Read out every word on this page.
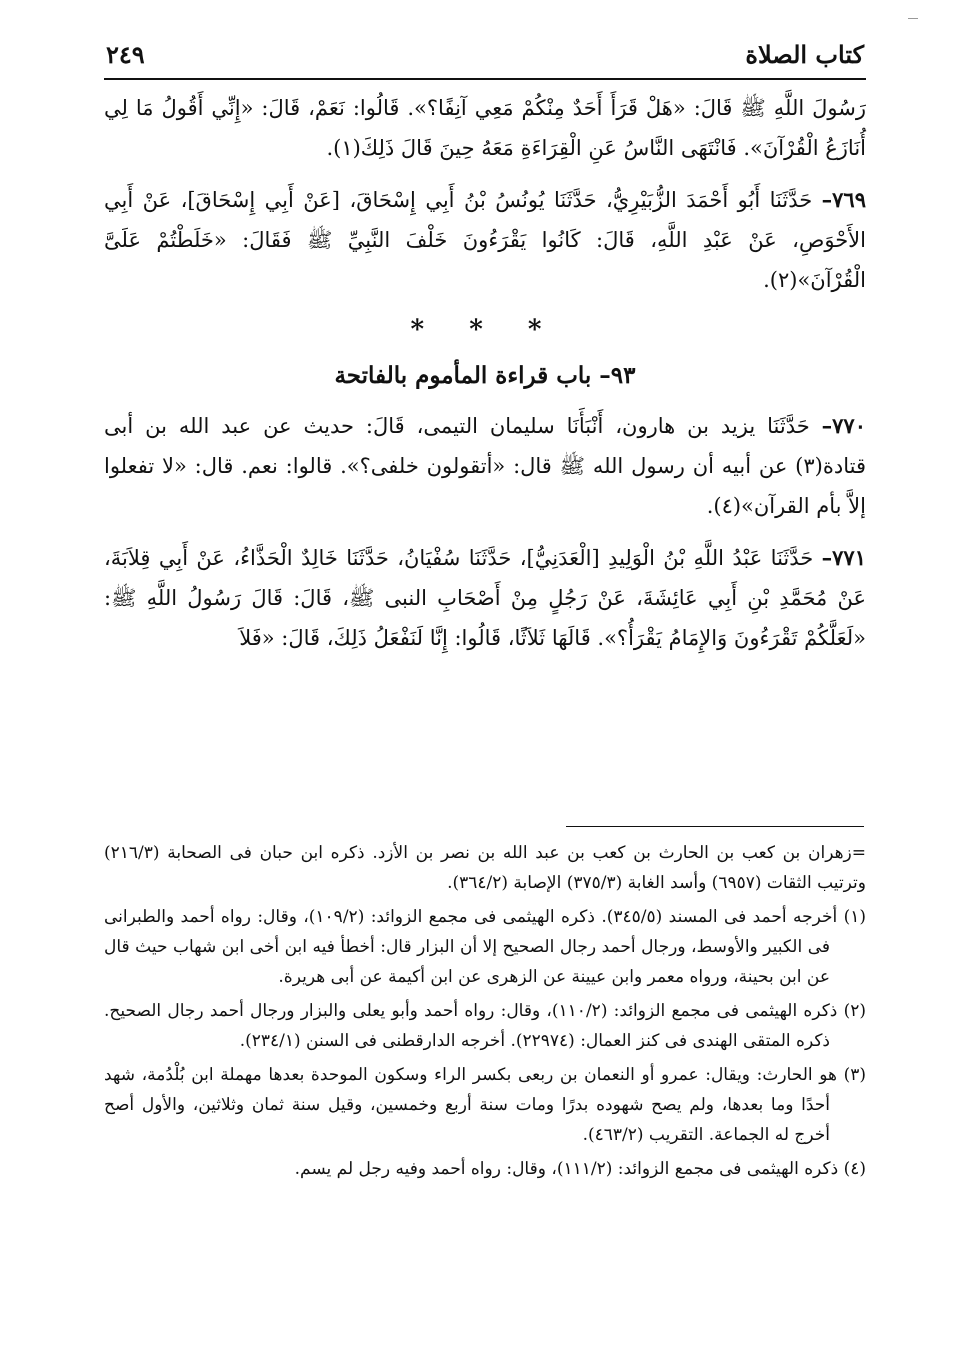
كتاب الصلاة
٢٤٩

رَسُولَ اللَّهِ ﷺ قَالَ: «هَلْ قَرَأَ أَحَدٌ مِنْكُمْ مَعِي آنِفًا؟». قَالُوا: نَعَمْ، قَالَ: «إِنِّي أَقُولُ مَا لِي أُنَازَعُ الْقُرْآنَ». فَانْتَهَى النَّاسُ عَنِ الْقِرَاءَةِ مَعَهُ حِينَ قَالَ ذَلِكَ(١).

٧٦٩– حَدَّثَنَا أَبُو أَحْمَدَ الزُّبَيْرِيُّ، حَدَّثَنَا يُونُسُ بْنُ أَبِي إِسْحَاقَ، [عَنْ أَبِي إِسْحَاقَ]، عَنْ أَبِي الأَحْوَصِ، عَنْ عَبْدِ اللَّهِ، قَالَ: كَانُوا يَقْرَءُونَ خَلْفَ النَّبِيِّ ﷺ فَقَالَ: «خَلَطْتُمْ عَلَىَّ الْقُرْآنَ»(٢).

* * *
٩٣– باب قراءة المأموم بالفاتحة

٧٧٠– حَدَّثَنَا يزيد بن هارون، أَنْبَأَنَا سليمان التيمى، قَالَ: حديث عن عبد الله بن أبى قتادة(٣) عن أبيه أن رسول الله ﷺ قال: «أتقولون خلفى؟». قالوا: نعم. قال: «لا تفعلوا إلاَّ بأم القرآن»(٤).

٧٧١– حَدَّثَنَا عَبْدُ اللَّهِ بْنُ الْوَلِيدِ [الْعَدَنِيُّ]، حَدَّثَنَا سُفْيَانُ، حَدَّثَنَا خَالِدٌ الْحَذَّاءُ، عَنْ أَبِي قِلاَبَةَ، عَنْ مُحَمَّدِ بْنِ أَبِي عَائِشَةَ، عَنْ رَجُلٍ مِنْ أَصْحَابِ النبى ﷺ، قَالَ: قَالَ رَسُولُ اللَّهِ ﷺ: «لَعَلَّكُمْ تَقْرَءُونَ وَالإِمَامُ يَقْرَأُ؟». قَالَهَا ثَلاَثًا، قَالُوا: إِنَّا لَنَفْعَلُ ذَلِكَ، قَالَ: «فَلاَ

=زهران بن كعب بن الحارث بن كعب بن عبد الله بن نصر بن الأزد. ذكره ابن حبان فى الصحابة (٢١٦/٣) وترتيب الثقات (٦٩٥٧) وأسد الغابة (٣٧٥/٣) الإصابة (٣٦٤/٢).

(١) أخرجه أحمد فى المسند (٣٤٥/٥). ذكره الهيثمى فى مجمع الزوائد: (١٠٩/٢)، وقال: رواه أحمد والطبرانى فى الكبير والأوسط، ورجال أحمد رجال الصحيح إلا أن البزار قال: أخطأ فيه ابن أخى ابن شهاب حيث قال عن ابن بحينة، ورواه معمر وابن عيينة عن الزهرى عن ابن أكيمة عن أبى هريرة.

(٢) ذكره الهيثمى فى مجمع الزوائد: (١١٠/٢)، وقال: رواه أحمد وأبو يعلى والبزار ورجال أحمد رجال الصحيح. ذكره المتقى الهندى فى كنز العمال: (٢٢٩٧٤). أخرجه الدارقطنى فى السنن (٢٣٤/١).

(٣) هو الحارث: ويقال: عمرو أو النعمان بن ربعى بكسر الراء وسكون الموحدة بعدها مهملة ابن بُلْدُمة، شهد أحدًا وما بعدها، ولم يصح شهوده بدرًا ومات سنة أربع وخمسين، وقيل سنة ثمان وثلاثين، والأول أصح أخرج له الجماعة. التقريب (٤٦٣/٢).

(٤) ذكره الهيثمى فى مجمع الزوائد: (١١١/٢)، وقال: رواه أحمد وفيه رجل لم يسم.
